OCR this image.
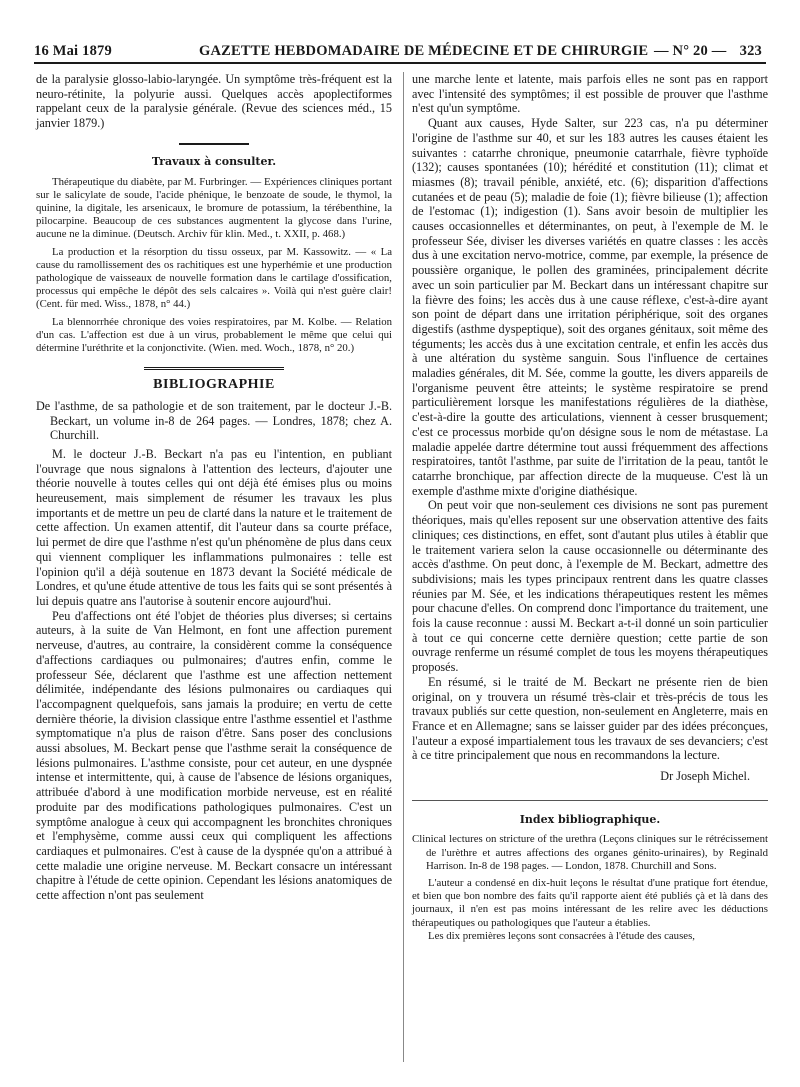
16 Mai 1879	GAZETTE HEBDOMADAIRE DE MÉDECINE ET DE CHIRURGIE — N° 20 — 323

de la paralysie glosso-labio-laryngée. Un symptôme très-fréquent est la neuro-rétinite, la polyurie aussi. Quelques accès apoplectiformes rappelant ceux de la paralysie générale. (Revue des sciences méd., 15 janvier 1879.)

Travaux à consulter.

Thérapeutique du diabète, par M. Furbringer. — Expériences cliniques portant sur le salicylate de soude, l'acide phénique, le benzoate de soude, le thymol, la quinine, la digitale, les arsenicaux, le bromure de potassium, la térébenthine, la pilocarpine. Beaucoup de ces substances augmentent la glycose dans l'urine, aucune ne la diminue. (Deutsch. Archiv für klin. Med., t. XXII, p. 468.)

La production et la résorption du tissu osseux, par M. Kassowitz. — « La cause du ramollissement des os rachitiques est une hyperhémie et une production pathologique de vaisseaux de nouvelle formation dans le cartilage d'ossification, processus qui empêche le dépôt des sels calcaires ». Voilà qui n'est guère clair! (Cent. für med. Wiss., 1878, n° 44.)

La blennorrhée chronique des voies respiratoires, par M. Kolbe. — Relation d'un cas. L'affection est due à un virus, probablement le même que celui qui détermine l'uréthrite et la conjonctivite. (Wien. med. Woch., 1878, n° 20.)

BIBLIOGRAPHIE

De l'asthme, de sa pathologie et de son traitement, par le docteur J.-B. Beckart, un volume in-8 de 264 pages. — Londres, 1878; chez A. Churchill.

M. le docteur J.-B. Beckart n'a pas eu l'intention, en publiant l'ouvrage que nous signalons à l'attention des lecteurs, d'ajouter une théorie nouvelle à toutes celles qui ont déjà été émises plus ou moins heureusement, mais simplement de résumer les travaux les plus importants et de mettre un peu de clarté dans la nature et le traitement de cette affection. Un examen attentif, dit l'auteur dans sa courte préface, lui permet de dire que l'asthme n'est qu'un phénomène de plus dans ceux qui viennent compliquer les inflammations pulmonaires : telle est l'opinion qu'il a déjà soutenue en 1873 devant la Société médicale de Londres, et qu'une étude attentive de tous les faits qui se sont présentés à lui depuis quatre ans l'autorise à soutenir encore aujourd'hui.

Peu d'affections ont été l'objet de théories plus diverses; si certains auteurs, à la suite de Van Helmont, en font une affection purement nerveuse, d'autres, au contraire, la considèrent comme la conséquence d'affections cardiaques ou pulmonaires; d'autres enfin, comme le professeur Sée, déclarent que l'asthme est une affection nettement délimitée, indépendante des lésions pulmonaires ou cardiaques qui l'accompagnent quelquefois, sans jamais la produire; en vertu de cette dernière théorie, la division classique entre l'asthme essentiel et l'asthme symptomatique n'a plus de raison d'être. Sans poser des conclusions aussi absolues, M. Beckart pense que l'asthme serait la conséquence de lésions pulmonaires. L'asthme consiste, pour cet auteur, en une dyspnée intense et intermittente, qui, à cause de l'absence de lésions organiques, attribuée d'abord à une modification morbide nerveuse, est en réalité produite par des modifications pathologiques pulmonaires. C'est un symptôme analogue à ceux qui accompagnent les bronchites chroniques et l'emphysème, comme aussi ceux qui compliquent les affections cardiaques et pulmonaires. C'est à cause de la dyspnée qu'on a attribué à cette maladie une origine nerveuse. M. Beckart consacre un intéressant chapitre à l'étude de cette opinion. Cependant les lésions anatomiques de cette affection n'ont pas seulement

une marche lente et latente, mais parfois elles ne sont pas en rapport avec l'intensité des symptômes; il est possible de prouver que l'asthme n'est qu'un symptôme.

Quant aux causes, Hyde Salter, sur 223 cas, n'a pu déterminer l'origine de l'asthme sur 40, et sur les 183 autres les causes étaient les suivantes : catarrhe chronique, pneumonie catarrhale, fièvre typhoïde (132); causes spontanées (10); hérédité et constitution (11); climat et miasmes (8); travail pénible, anxiété, etc. (6); disparition d'affections cutanées et de peau (5); maladie de foie (1); fièvre bilieuse (1); affection de l'estomac (1); indigestion (1). Sans avoir besoin de multiplier les causes occasionnelles et déterminantes, on peut, à l'exemple de M. le professeur Sée, diviser les diverses variétés en quatre classes : les accès dus à une excitation nervo-motrice, comme, par exemple, la présence de poussière organique, le pollen des graminées, principalement décrite avec un soin particulier par M. Beckart dans un intéressant chapitre sur la fièvre des foins; les accès dus à une cause réflexe, c'est-à-dire ayant son point de départ dans une irritation périphérique, soit des organes digestifs (asthme dyspeptique), soit des organes génitaux, soit même des téguments; les accès dus à une excitation centrale, et enfin les accès dus à une altération du système sanguin. Sous l'influence de certaines maladies générales, dit M. Sée, comme la goutte, les divers appareils de l'organisme peuvent être atteints; le système respiratoire se prend particulièrement lorsque les manifestations régulières de la diathèse, c'est-à-dire la goutte des articulations, viennent à cesser brusquement; c'est ce processus morbide qu'on désigne sous le nom de métastase. La maladie appelée dartre détermine tout aussi fréquemment des affections respiratoires, tantôt l'asthme, par suite de l'irritation de la peau, tantôt le catarrhe bronchique, par affection directe de la muqueuse. C'est là un exemple d'asthme mixte d'origine diathésique.

On peut voir que non-seulement ces divisions ne sont pas purement théoriques, mais qu'elles reposent sur une observation attentive des faits cliniques; ces distinctions, en effet, sont d'autant plus utiles à établir que le traitement variera selon la cause occasionnelle ou déterminante des accès d'asthme. On peut donc, à l'exemple de M. Beckart, admettre des subdivisions; mais les types principaux rentrent dans les quatre classes réunies par M. Sée, et les indications thérapeutiques restent les mêmes pour chacune d'elles. On comprend donc l'importance du traitement, une fois la cause reconnue : aussi M. Beckart a-t-il donné un soin particulier à tout ce qui concerne cette dernière question; cette partie de son ouvrage renferme un résumé complet de tous les moyens thérapeutiques proposés.

En résumé, si le traité de M. Beckart ne présente rien de bien original, on y trouvera un résumé très-clair et très-précis de tous les travaux publiés sur cette question, non-seulement en Angleterre, mais en France et en Allemagne; sans se laisser guider par des idées préconçues, l'auteur a exposé impartialement tous les travaux de ses devanciers; c'est à ce titre principalement que nous en recommandons la lecture.

Dr Joseph Michel.
Index bibliographique.

Clinical lectures on stricture of the urethra (Leçons cliniques sur le rétrécissement de l'urèthre et autres affections des organes génito-urinaires), by Reginald Harrison. In-8 de 198 pages. — London, 1878. Churchill and Sons.

L'auteur a condensé en dix-huit leçons le résultat d'une pratique fort étendue, et bien que bon nombre des faits qu'il rapporte aient été publiés çà et là dans des journaux, il n'en est pas moins intéressant de les relire avec les déductions thérapeutiques ou pathologiques que l'auteur a établies.

Les dix premières leçons sont consacrées à l'étude des causes,
